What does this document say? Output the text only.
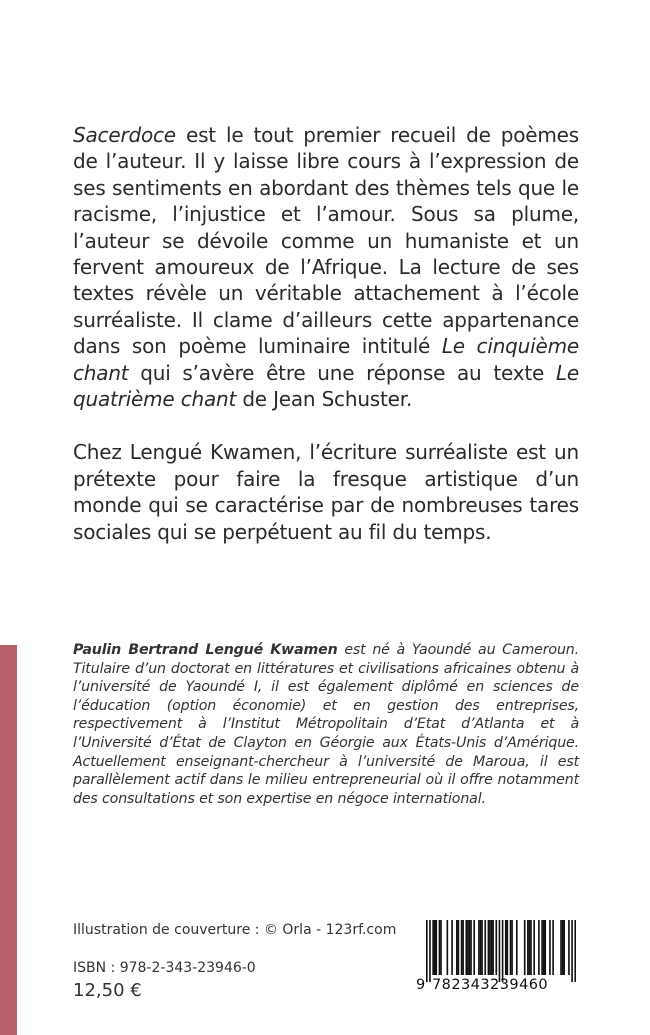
Sacerdoce est le tout premier recueil de poèmes de l’auteur. Il y laisse libre cours à l’expression de ses sentiments en abordant des thèmes tels que le racisme, l’injustice et l’amour. Sous sa plume, l’auteur se dévoile comme un humaniste et un fervent amoureux de l’Afrique. La lecture de ses textes révèle un véritable attachement à l’école surréaliste. Il clame d’ailleurs cette appartenance dans son poème luminaire intitulé Le cinquième chant qui s’avère être une réponse au texte Le quatrième chant de Jean Schuster.

Chez Lengué Kwamen, l’écriture surréaliste est un prétexte pour faire la fresque artistique d’un monde qui se caractérise par de nombreuses tares sociales qui se perpétuent au fil du temps.

Paulin Bertrand Lengué Kwamen est né à Yaoundé au Cameroun. Titulaire d’un doctorat en littératures et civilisations africaines obtenu à l’université de Yaoundé I, il est également diplômé en sciences de l’éducation (option économie) et en gestion des entreprises, respectivement à l’Institut Métropolitain d’Etat d’Atlanta et à l’Université d’État de Clayton en Géorgie aux États-Unis d’Amérique. Actuellement enseignant-chercheur à l’université de Maroua, il est parallèlement actif dans le milieu entrepreneurial où il offre notamment des consultations et son expertise en négoce international.

Illustration de couverture : © Orla - 123rf.com
ISBN : 978-2-343-23946-0
12,50 €	9 782343239460
